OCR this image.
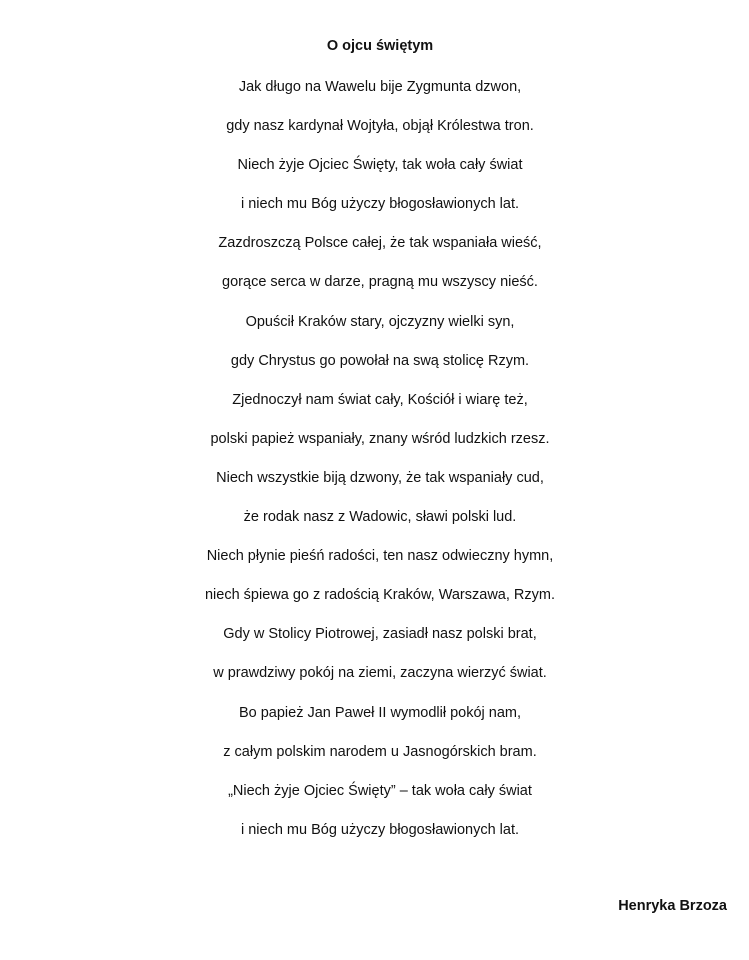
O ojcu świętym
Jak długo na Wawelu bije Zygmunta dzwon,
gdy nasz kardynał Wojtyła, objął Królestwa tron.
Niech żyje Ojciec Święty, tak woła cały świat
i niech mu Bóg użyczy błogosławionych lat.
Zazdroszczą Polsce całej, że tak wspaniała wieść,
gorące serca w darze, pragną mu wszyscy nieść.
Opuścił Kraków stary, ojczyzny wielki syn,
gdy Chrystus go powołał na swą stolicę Rzym.
Zjednoczył nam świat cały, Kościół i wiarę też,
polski papież wspaniały, znany wśród ludzkich rzesz.
Niech wszystkie biją dzwony, że tak wspaniały cud,
że rodak nasz z Wadowic, sławi polski lud.
Niech płynie pieśń radości, ten nasz odwieczny hymn,
niech śpiewa go z radością Kraków, Warszawa, Rzym.
Gdy w Stolicy Piotrowej, zasiadł nasz polski brat,
w prawdziwy pokój na ziemi, zaczyna wierzyć świat.
Bo papież Jan Paweł II wymodlił pokój nam,
z całym polskim narodem u Jasnogórskich bram.
„Niech żyje Ojciec Święty” – tak woła cały świat
i niech mu Bóg użyczy błogosławionych lat.
Henryka Brzoza
